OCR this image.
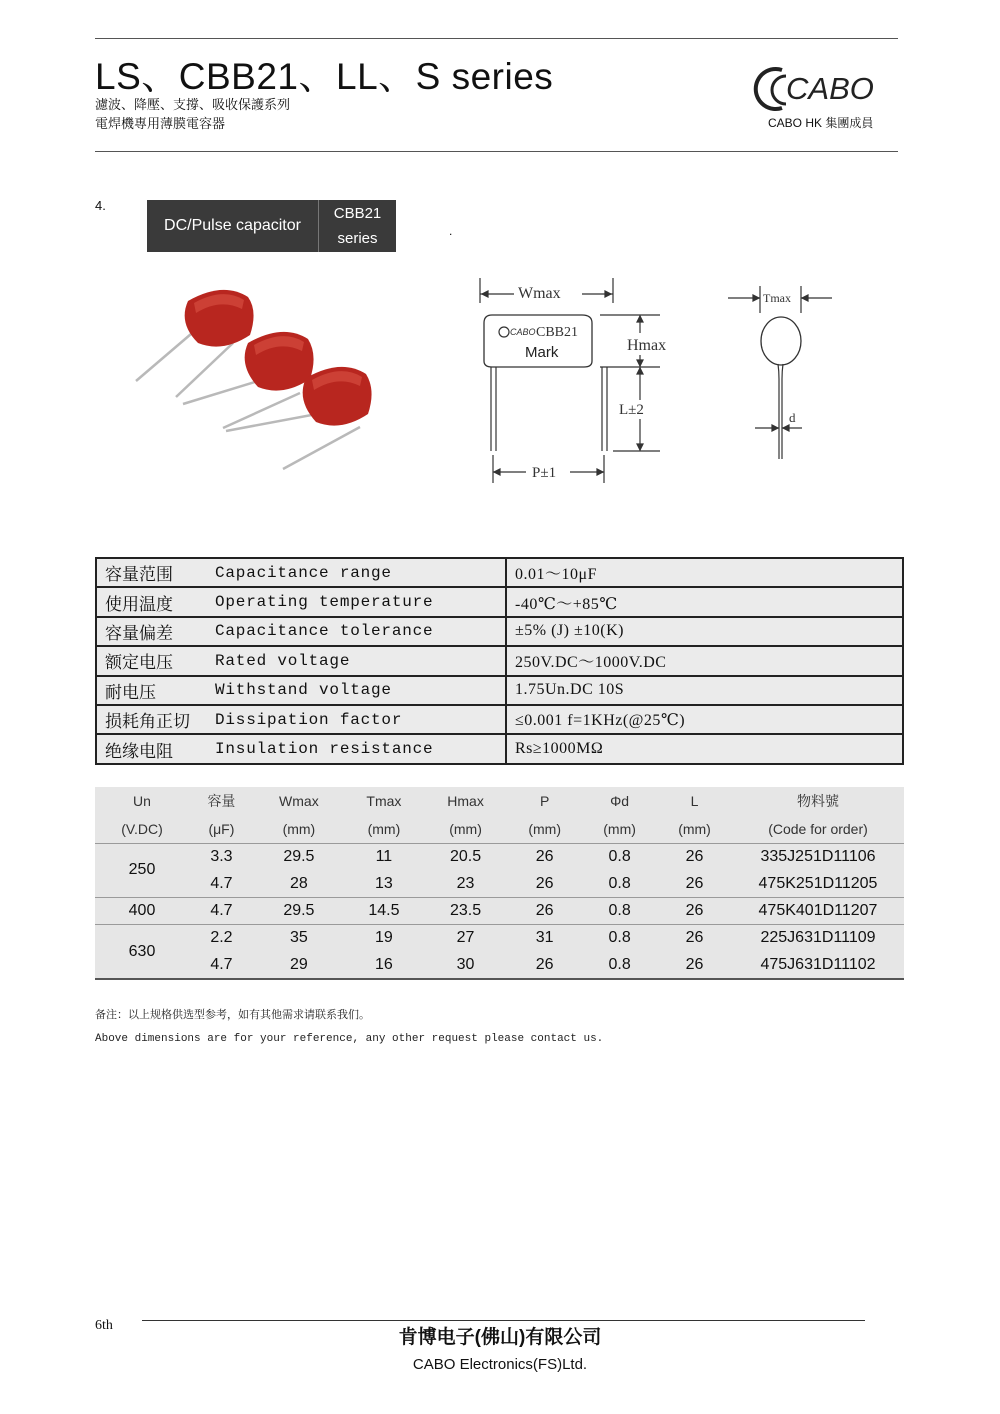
LS、CBB21、LL、S series
濾波、降壓、支撐、吸收保護系列
電焊機專用薄膜電容器
CABO
CABO HK 集團成員
4.
DC/Pulse capacitor
CBB21
series	.
Wmax
Hmax
L±2
P±1
CABO CBB21
Mark
Tmax
d
容量范围	Capacitance range	0.01～10μF
使用温度	Operating temperature	-40℃～+85℃
容量偏差	Capacitance tolerance	±5% (J) ±10(K)
额定电压	Rated voltage	250V.DC～1000V.DC
耐电压	Withstand voltage	1.75Un.DC 10S
损耗角正切	Dissipation factor	≤0.001 f=1KHz(@25℃)
绝缘电阻	Insulation resistance	Rs≥1000MΩ
Un	容量	Wmax	Tmax	Hmax	P	Φd	L	物料號
(V.DC)	(μF)	(mm)	(mm)	(mm)	(mm)	(mm)	(mm)	(Code for order)
250	3.3	29.5	11	20.5	26	0.8	26	335J251D11106
	4.7	28	13	23	26	0.8	26	475K251D11205
400	4.7	29.5	14.5	23.5	26	0.8	26	475K401D11207
630	2.2	35	19	27	31	0.8	26	225J631D11109
	4.7	29	16	30	26	0.8	26	475J631D11102
备注：以上规格供选型参考，如有其他需求请联系我们。
Above dimensions are for your reference, any other request please contact us.
6th
肯博电子(佛山)有限公司
CABO Electronics(FS)Ltd.
